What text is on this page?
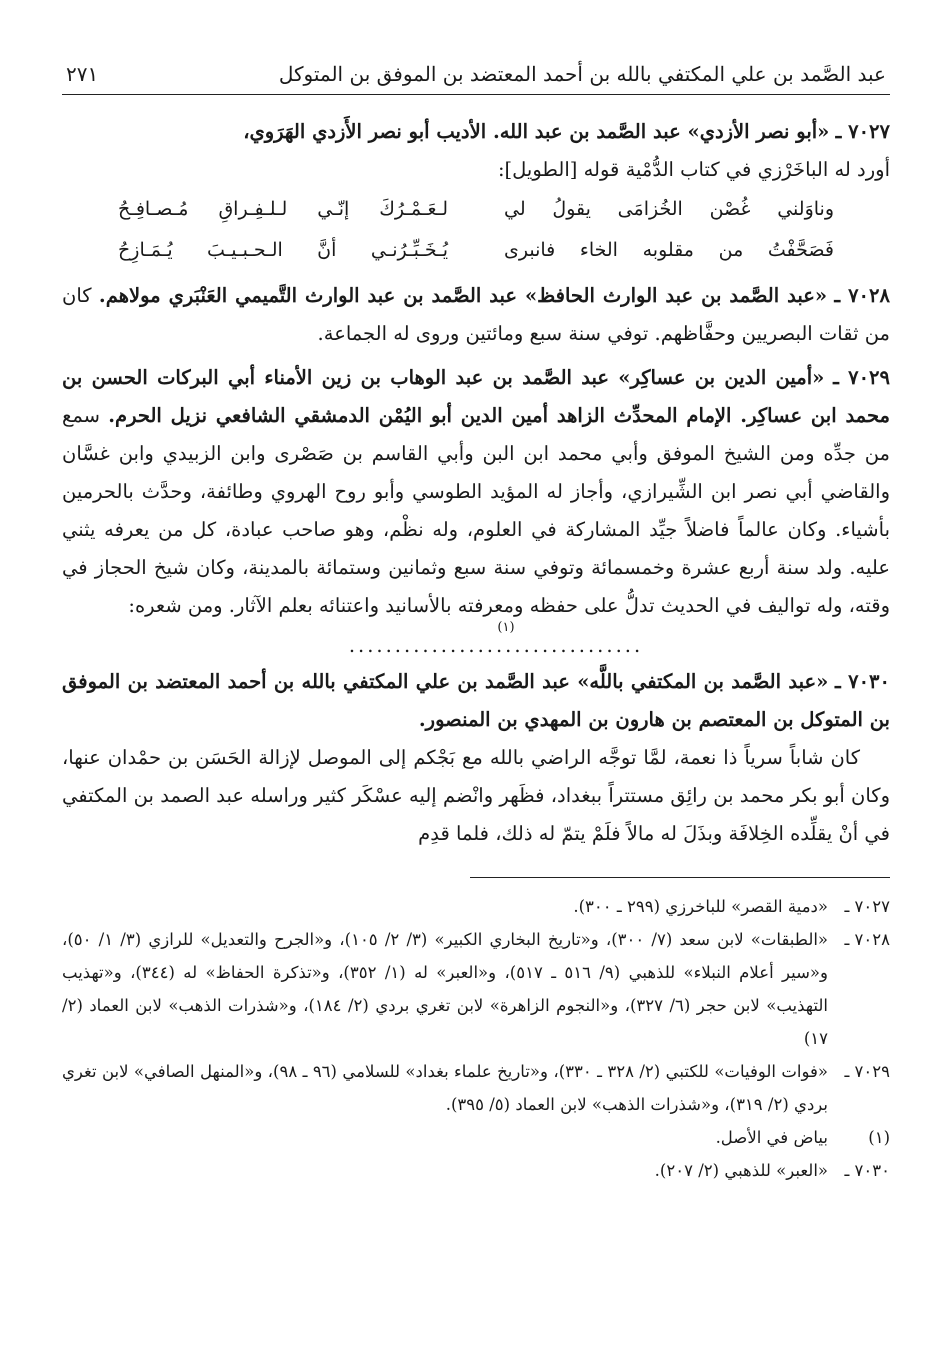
عبد الصَّمد بن علي المكتفي بالله بن أحمد المعتضد بن الموفق بن المتوكل
٢٧١

٧٠٢٧ ـ «أبو نصر الأزدي» عبد الصَّمد بن عبد الله. الأديب أبو نصر الأَزدي الهَرَوي،

أورد له الباخَرْزي في كتاب الدُّمْية قوله [الطويل]:

وناوَلني غُصْن الخُزامَى يقولُ لي
لـعَـمْـرُكَ إنّـي لـلـفِـراقِ مُـصـافِـحُ
فَصَحَّفْتُ من مقلوبه الخاء فانبرى
يُـخَـبِّـرُنـي أنَّ الـحـبـيـبَ يُـمَـازِحُ

٧٠٢٨ ـ «عبد الصَّمد بن عبد الوارث الحافظ» عبد الصَّمد بن عبد الوارث التَّميمي العَنْبَري مولاهم. كان من ثقات البصريين وحفَّاظهم. توفي سنة سبع ومائتين وروى له الجماعة.

٧٠٢٩ ـ «أمين الدين بن عساكِر» عبد الصَّمد بن عبد الوهاب بن زين الأمناء أبي البركات الحسن بن محمد ابن عساكِر. الإمام المحدِّث الزاهد أمين الدين أبو اليُمْن الدمشقي الشافعي نزيل الحرم. سمع من جدِّه ومن الشيخ الموفق وأبي محمد ابن البن وأبي القاسم بن صَصْرى وابن الزبيدي وابن غسَّان والقاضي أبي نصر ابن الشِّيرازي، وأجاز له المؤيد الطوسي وأبو روح الهروي وطائفة، وحدَّث بالحرمين بأشياء. وكان عالماً فاضلاً جيِّد المشاركة في العلوم، وله نظْم، وهو صاحب عبادة، كل من يعرفه يثني عليه. ولد سنة أربع عشرة وخمسمائة وتوفي سنة سبع وثمانين وستمائة بالمدينة، وكان شيخ الحجاز في وقته، وله تواليف في الحديث تدلُّ على حفظه ومعرفته بالأسانيد واعتنائه بعلم الآثار. ومن شعره:

(١)
................................

٧٠٣٠ ـ «عبد الصَّمد بن المكتفي باللَّه» عبد الصَّمد بن علي المكتفي بالله بن أحمد المعتضد بن الموفق بن المتوكل بن المعتصم بن هارون بن المهدي بن المنصور.

كان شاباً سرياً ذا نعمة، لمَّا توجَّه الراضي بالله مع بَجْكم إلى الموصل لإزالة الحَسَن بن حمْدان عنها، وكان أبو بكر محمد بن رائِق مستتراً ببغداد، فظَهر وانْضم إليه عسْكَر كثير وراسله عبد الصمد بن المكتفي في أنْ يقلِّده الخِلافَة وبذَلَ له مالاً فلَمْ يتمّ له ذلك، فلما قدِم

٧٠٢٧ ـ
«دمية القصر» للباخرزي (٢٩٩ ـ ٣٠٠).
٧٠٢٨ ـ
«الطبقات» لابن سعد (٧/ ٣٠٠)، و«تاريخ البخاري الكبير» (٣/ ٢/ ١٠٥)، و«الجرح والتعديل» للرازي (٣/ ١/ ٥٠)، و«سير أعلام النبلاء» للذهبي (٩/ ٥١٦ ـ ٥١٧)، و«العبر» له (١/ ٣٥٢)، و«تذكرة الحفاظ» له (٣٤٤)، و«تهذيب التهذيب» لابن حجر (٦/ ٣٢٧)، و«النجوم الزاهرة» لابن تغري بردي (٢/ ١٨٤)، و«شذرات الذهب» لابن العماد (٢/ ١٧)
٧٠٢٩ ـ
«فوات الوفيات» للكتبي (٢/ ٣٢٨ ـ ٣٣٠)، و«تاريخ علماء بغداد» للسلامي (٩٦ ـ ٩٨)، و«المنهل الصافي» لابن تغري بردي (٢/ ٣١٩)، و«شذرات الذهب» لابن العماد (٥/ ٣٩٥).
(١)
بياض في الأصل.
٧٠٣٠ ـ
«العبر» للذهبي (٢/ ٢٠٧).
